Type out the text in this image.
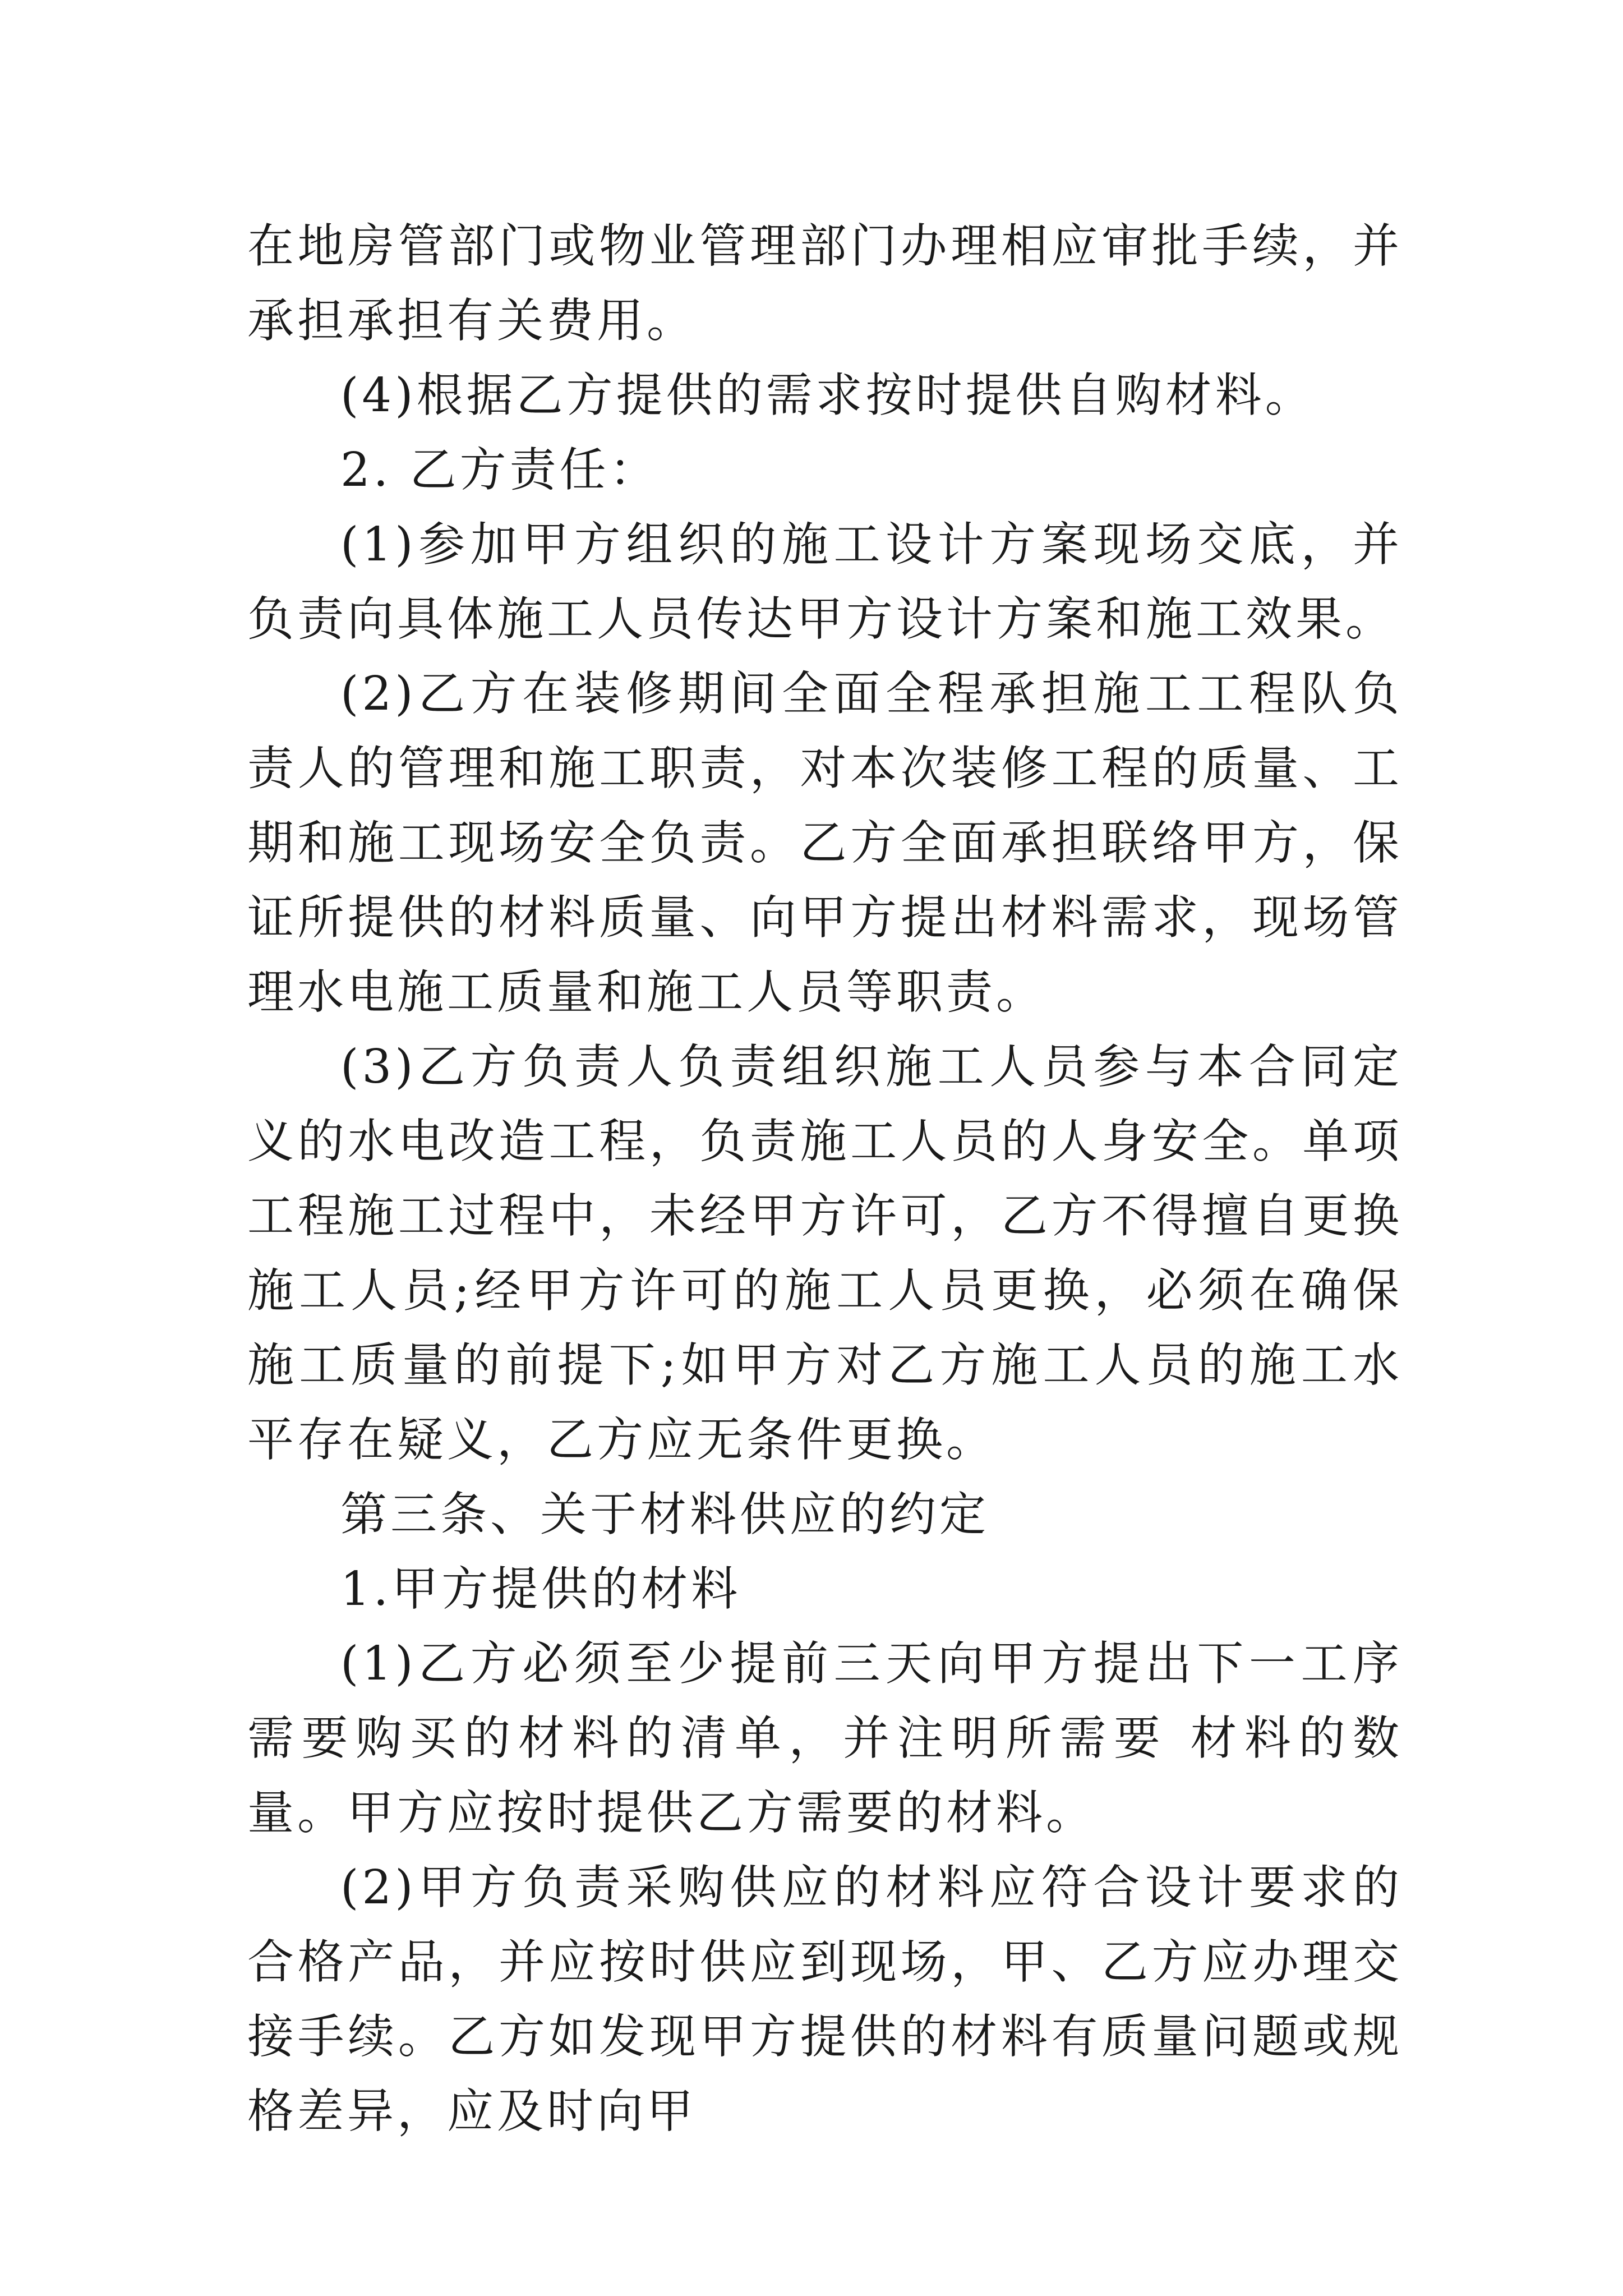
在地房管部门或物业管理部门办理相应审批手续，并承担承担有关费用。

(4)根据乙方提供的需求按时提供自购材料。

2. 乙方责任：

(1)参加甲方组织的施工设计方案现场交底，并负责向具体施工人员传达甲方设计方案和施工效果。

(2)乙方在装修期间全面全程承担施工工程队负责人的管理和施工职责，对本次装修工程的质量、工期和施工现场安全负责。乙方全面承担联络甲方，保证所提供的材料质量、向甲方提出材料需求，现场管理水电施工质量和施工人员等职责。

(3)乙方负责人负责组织施工人员参与本合同定义的水电改造工程，负责施工人员的人身安全。单项工程施工过程中，未经甲方许可，乙方不得擅自更换施工人员;经甲方许可的施工人员更换，必须在确保施工质量的前提下;如甲方对乙方施工人员的施工水平存在疑义，乙方应无条件更换。

第三条、关于材料供应的约定

1.甲方提供的材料

(1)乙方必须至少提前三天向甲方提出下一工序需要购买的材料的清单，并注明所需要 材料的数量。甲方应按时提供乙方需要的材料。

(2)甲方负责采购供应的材料应符合设计要求的合格产品，并应按时供应到现场，甲、乙方应办理交接手续。乙方如发现甲方提供的材料有质量问题或规格差异，应及时向甲
